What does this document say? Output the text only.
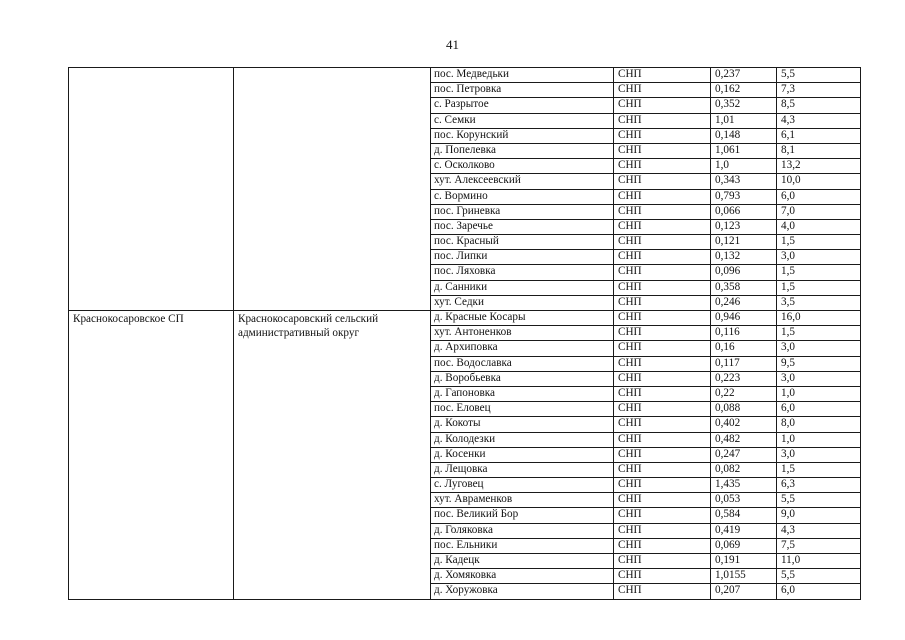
41
		пос. Медведьки	СНП	0,237	5,5
		пос. Петровка	СНП	0,162	7,3
		с. Разрытое	СНП	0,352	8,5
		с. Семки	СНП	1,01	4,3
		пос. Корунский	СНП	0,148	6,1
		д. Попелевка	СНП	1,061	8,1
		с. Осколково	СНП	1,0	13,2
		хут. Алексеевский	СНП	0,343	10,0
		с. Вормино	СНП	0,793	6,0
		пос. Гриневка	СНП	0,066	7,0
		пос. Заречье	СНП	0,123	4,0
		пос. Красный	СНП	0,121	1,5
		пос. Липки	СНП	0,132	3,0
		пос. Ляховка	СНП	0,096	1,5
		д. Санники	СНП	0,358	1,5
		хут. Седки	СНП	0,246	3,5
Краснокосаровское СП	Краснокосаровский сельский административный округ	д. Красные Косары	СНП	0,946	16,0
		хут. Антоненков	СНП	0,116	1,5
		д. Архиповка	СНП	0,16	3,0
		пос. Водославка	СНП	0,117	9,5
		д. Воробьевка	СНП	0,223	3,0
		д. Гапоновка	СНП	0,22	1,0
		пос. Еловец	СНП	0,088	6,0
		д. Кокоты	СНП	0,402	8,0
		д. Колодезки	СНП	0,482	1,0
		д. Косенки	СНП	0,247	3,0
		д. Лещовка	СНП	0,082	1,5
		с. Луговец	СНП	1,435	6,3
		хут. Авраменков	СНП	0,053	5,5
		пос. Великий Бор	СНП	0,584	9,0
		д. Голяковка	СНП	0,419	4,3
		пос. Ельники	СНП	0,069	7,5
		д. Кадецк	СНП	0,191	11,0
		д. Хомяковка	СНП	1,0155	5,5
		д. Хоружовка	СНП	0,207	6,0
